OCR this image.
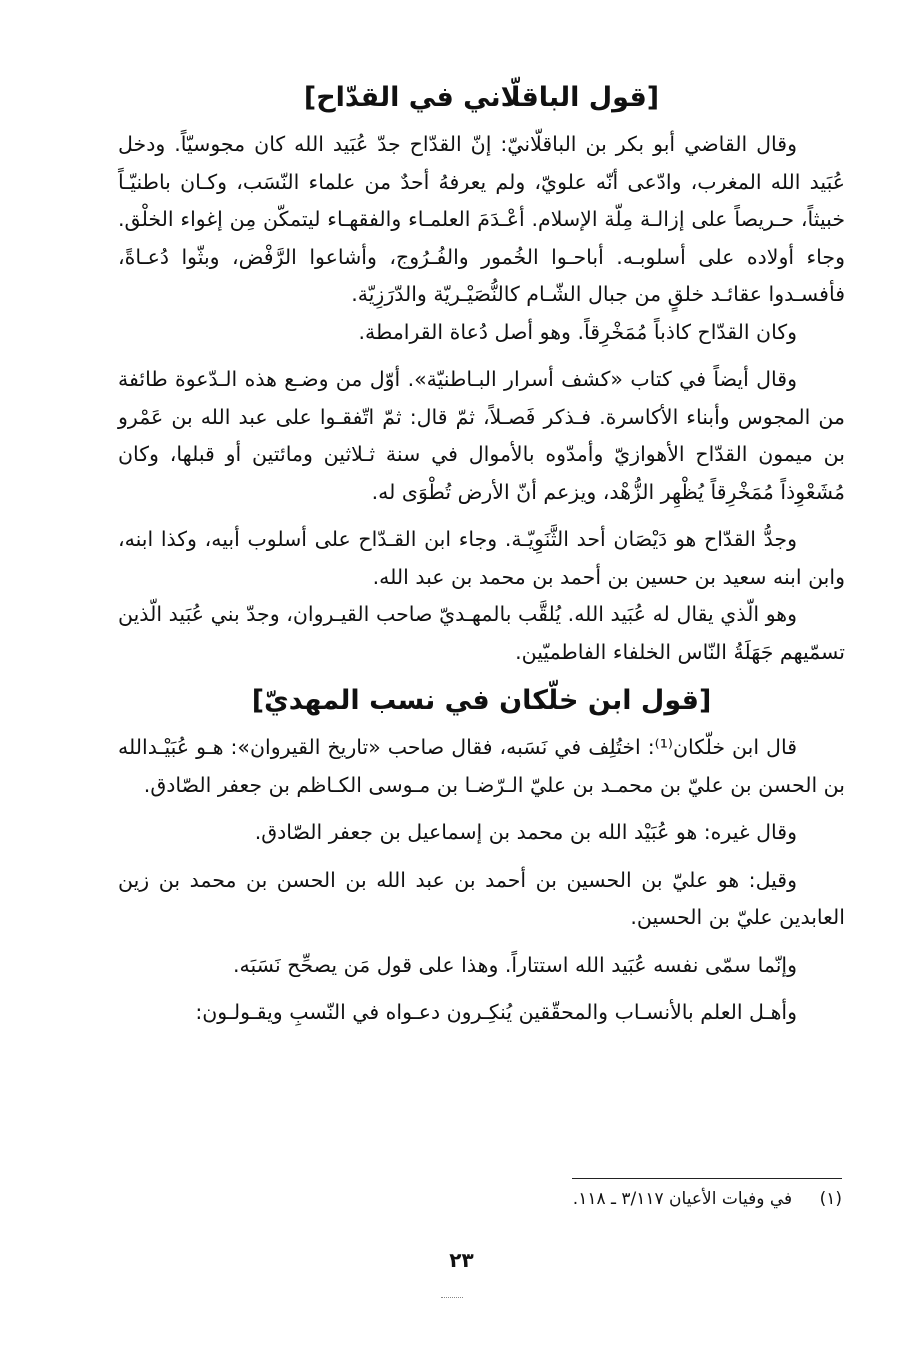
[قول الباقلّاني في القدّاح]

وقال القاضي أبو بكر بن الباقلّانيّ: إنّ القدّاح جدّ عُبَيد الله كان مجوسيّاً. ودخل عُبَيد الله المغرب، وادّعى أنّه علويّ، ولم يعرفهُ أحدٌ من علماء النّسَب، وكـان باطنيّـاً خبيثاً، حـريصاً على إزالـة مِلّة الإسلام. أعْـدَمَ العلمـاء والفقهـاء ليتمكّن مِن إغواء الخلْق. وجاء أولاده على أسلوبـه. أباحـوا الخُمور والفُـرُوج، وأشاعوا الرَّفْض، وبثّوا دُعـاةً، فأفسـدوا عقائـد خلقٍ من جبال الشّـام كالنُّصَيْـريّة والدّرَزِيّة.

وكان القدّاح كاذباً مُمَخْرِقاً. وهو أصل دُعاة القرامطة.

وقال أيضاً في كتاب «كشف أسرار البـاطنيّة». أوّل من وضـع هذه الـدّعوة طائفة من المجوس وأبناء الأكاسرة. فـذكر فَصـلاً، ثمّ قال: ثمّ اتّفقـوا على عبد الله بن عَمْرو بن ميمون القدّاح الأهوازيّ وأمدّوه بالأموال في سنة ثـلاثين ومائتين أو قبلها، وكان مُشَعْوِذاً مُمَخْرِقاً يُظْهِر الزُّهْد، ويزعم أنّ الأرض تُطْوَى له.

وجدُّ القدّاح هو دَيْصَان أحد الثَّنَوِيّـة. وجاء ابن القـدّاح على أسلوب أبيه، وكذا ابنه، وابن ابنه سعيد بن حسين بن أحمد بن محمد بن عبد الله.

وهو الّذي يقال له عُبَيد الله. يُلقَّب بالمهـديّ صاحب القيـروان، وجدّ بني عُبَيد الّذين تسمّيهم جَهَلَةُ النّاس الخلفاء الفاطميّين.

[قول ابن خلّكان في نسب المهديّ]

قال ابن خلّكان⁽¹⁾: اختُلِف في نَسَبه، فقال صاحب «تاريخ القيروان»: هـو عُبَيْـدالله بن الحسن بن عليّ بن محمـد بن عليّ الـرّضـا بن مـوسى الكـاظم بن جعفر الصّادق.

وقال غيره: هو عُبَيْد الله بن محمد بن إسماعيل بن جعفر الصّادق.

وقيل: هو عليّ بن الحسين بن أحمد بن عبد الله بن الحسن بن محمد بن زين العابدين عليّ بن الحسين.

وإنّما سمّى نفسه عُبَيد الله استتاراً. وهذا على قول مَن يصحِّح نَسَبَه.

وأهـل العلم بالأنسـاب والمحقّقين يُنكِـرون دعـواه في النّسبِ ويقـولـون:

(١) في وفيات الأعيان ٣/١١٧ ـ ١١٨.
٢٣
